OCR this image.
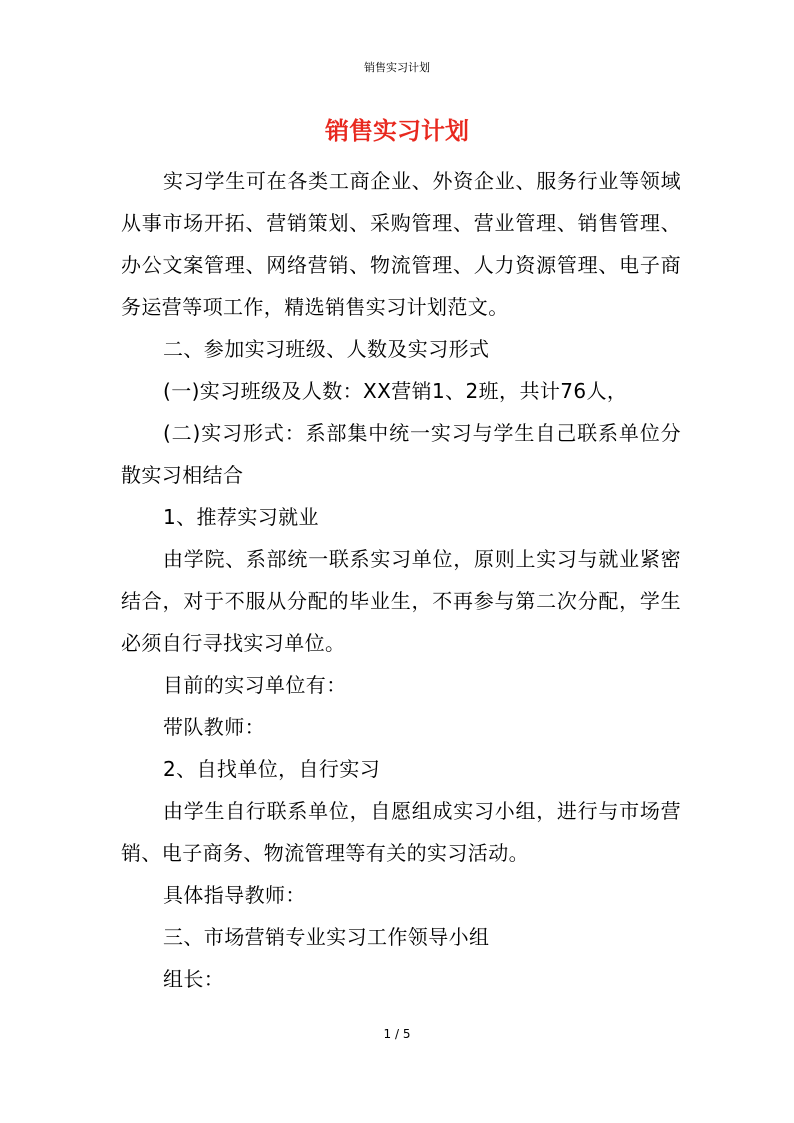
销售实习计划
销售实习计划

实习学生可在各类工商企业、外资企业、服务行业等领域从事市场开拓、营销策划、采购管理、营业管理、销售管理、办公文案管理、网络营销、物流管理、人力资源管理、电子商务运营等项工作，精选销售实习计划范文。

二、参加实习班级、人数及实习形式

(一)实习班级及人数：XX营销1、2班，共计76人，

(二)实习形式：系部集中统一实习与学生自己联系单位分散实习相结合

1、推荐实习就业

由学院、系部统一联系实习单位，原则上实习与就业紧密结合，对于不服从分配的毕业生，不再参与第二次分配，学生必须自行寻找实习单位。

目前的实习单位有：

带队教师：

2、自找单位，自行实习

由学生自行联系单位，自愿组成实习小组，进行与市场营销、电子商务、物流管理等有关的实习活动。

具体指导教师：

三、市场营销专业实习工作领导小组

组长：

1 / 5
